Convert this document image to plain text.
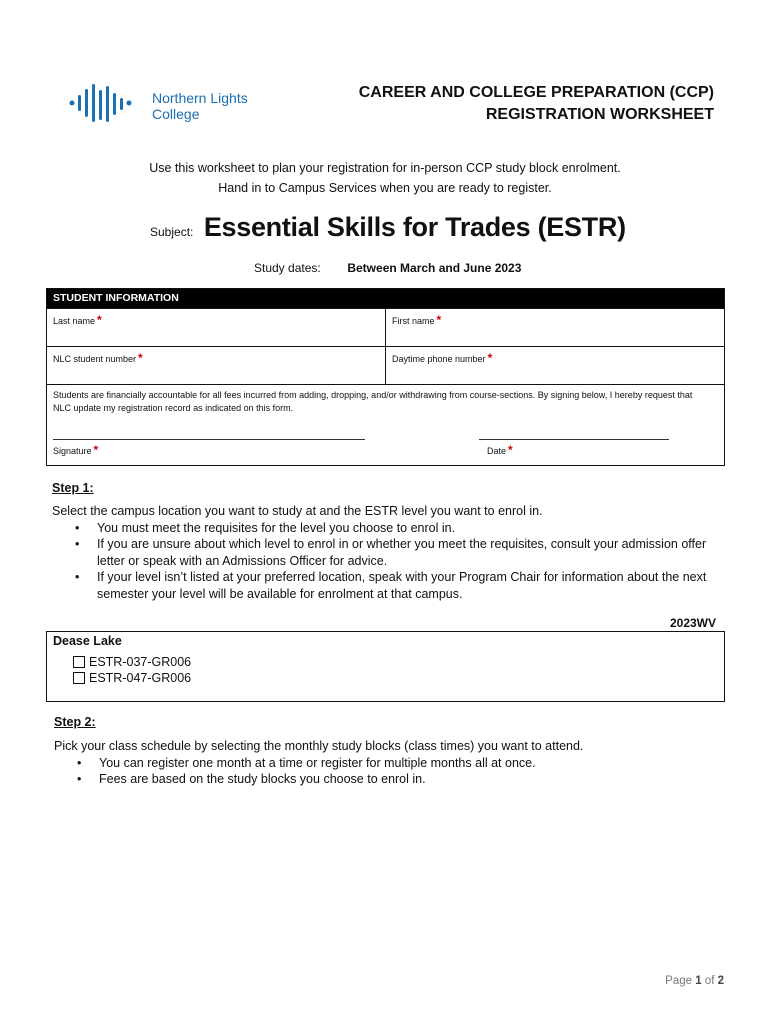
Northern Lights
College
CAREER AND COLLEGE PREPARATION (CCP)
REGISTRATION WORKSHEET
Use this worksheet to plan your registration for in-person CCP study block enrolment.
Hand in to Campus Services when you are ready to register.
Subject: Essential Skills for Trades (ESTR)
Study dates: Between March and June 2023
STUDENT INFORMATION
Last name *	First name *
NLC student number *	Daytime phone number *
Students are financially accountable for all fees incurred from adding, dropping, and/or withdrawing from course-sections. By signing below, I hereby request that NLC update my registration record as indicated on this form.
Signature *	Date *
Step 1:
Select the campus location you want to study at and the ESTR level you want to enrol in.
• You must meet the requisites for the level you choose to enrol in.
• If you are unsure about which level to enrol in or whether you meet the requisites, consult your admission offer letter or speak with an Admissions Officer for advice.
• If your level isn’t listed at your preferred location, speak with your Program Chair for information about the next semester your level will be available for enrolment at that campus.
2023WV
Dease Lake
ESTR-037-GR006
ESTR-047-GR006
Step 2:
Pick your class schedule by selecting the monthly study blocks (class times) you want to attend.
• You can register one month at a time or register for multiple months all at once.
• Fees are based on the study blocks you choose to enrol in.
Page 1 of 2
